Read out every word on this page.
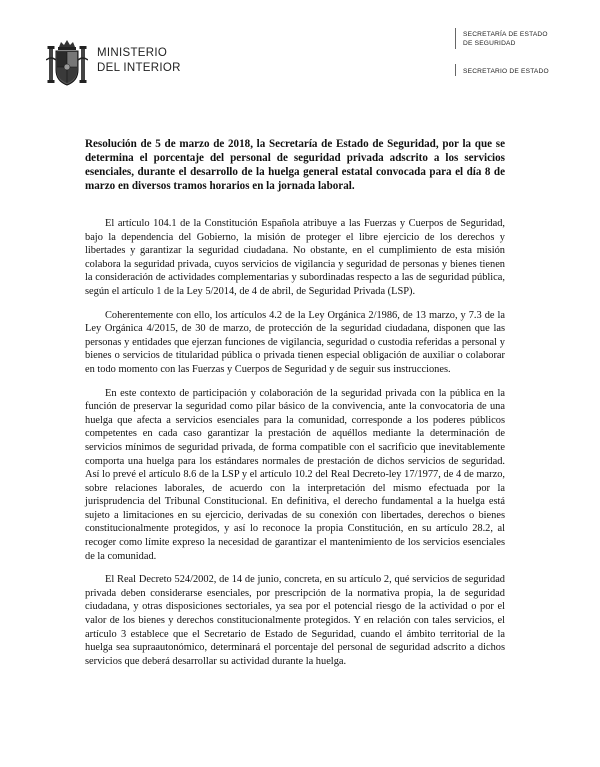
MINISTERIO
DEL INTERIOR
SECRETARÍA DE ESTADO
DE SEGURIDAD
SECRETARIO DE ESTADO

Resolución de 5 de marzo de 2018, la Secretaría de Estado de Seguridad, por la que se determina el porcentaje del personal de seguridad privada adscrito a los servicios esenciales, durante el desarrollo de la huelga general estatal convocada para el día 8 de marzo en diversos tramos horarios en la jornada laboral.

El artículo 104.1 de la Constitución Española atribuye a las Fuerzas y Cuerpos de Seguridad, bajo la dependencia del Gobierno, la misión de proteger el libre ejercicio de los derechos y libertades y garantizar la seguridad ciudadana. No obstante, en el cumplimiento de esta misión colabora la seguridad privada, cuyos servicios de vigilancia y seguridad de personas y bienes tienen la consideración de actividades complementarias y subordinadas respecto a las de seguridad pública, según el artículo 1 de la Ley 5/2014, de 4 de abril, de Seguridad Privada (LSP).

Coherentemente con ello, los artículos 4.2 de la Ley Orgánica 2/1986, de 13 marzo, y 7.3 de la Ley Orgánica 4/2015, de 30 de marzo, de protección de la seguridad ciudadana, disponen que las personas y entidades que ejerzan funciones de vigilancia, seguridad o custodia referidas a personal y bienes o servicios de titularidad pública o privada tienen especial obligación de auxiliar o colaborar en todo momento con las Fuerzas y Cuerpos de Seguridad y de seguir sus instrucciones.

En este contexto de participación y colaboración de la seguridad privada con la pública en la función de preservar la seguridad como pilar básico de la convivencia, ante la convocatoria de una huelga que afecta a servicios esenciales para la comunidad, corresponde a los poderes públicos competentes en cada caso garantizar la prestación de aquéllos mediante la determinación de servicios mínimos de seguridad privada, de forma compatible con el sacrificio que inevitablemente comporta una huelga para los estándares normales de prestación de dichos servicios de seguridad. Así lo prevé el artículo 8.6 de la LSP y el artículo 10.2 del Real Decreto-ley 17/1977, de 4 de marzo, sobre relaciones laborales, de acuerdo con la interpretación del mismo efectuada por la jurisprudencia del Tribunal Constitucional. En definitiva, el derecho fundamental a la huelga está sujeto a limitaciones en su ejercicio, derivadas de su conexión con libertades, derechos o bienes constitucionalmente protegidos, y así lo reconoce la propia Constitución, en su artículo 28.2, al recoger como límite expreso la necesidad de garantizar el mantenimiento de los servicios esenciales de la comunidad.

El Real Decreto 524/2002, de 14 de junio, concreta, en su artículo 2, qué servicios de seguridad privada deben considerarse esenciales, por prescripción de la normativa propia, la de seguridad ciudadana, y otras disposiciones sectoriales, ya sea por el potencial riesgo de la actividad o por el valor de los bienes y derechos constitucionalmente protegidos. Y en relación con tales servicios, el artículo 3 establece que el Secretario de Estado de Seguridad, cuando el ámbito territorial de la huelga sea supraautonómico, determinará el porcentaje del personal de seguridad adscrito a dichos servicios que deberá desarrollar su actividad durante la huelga.
